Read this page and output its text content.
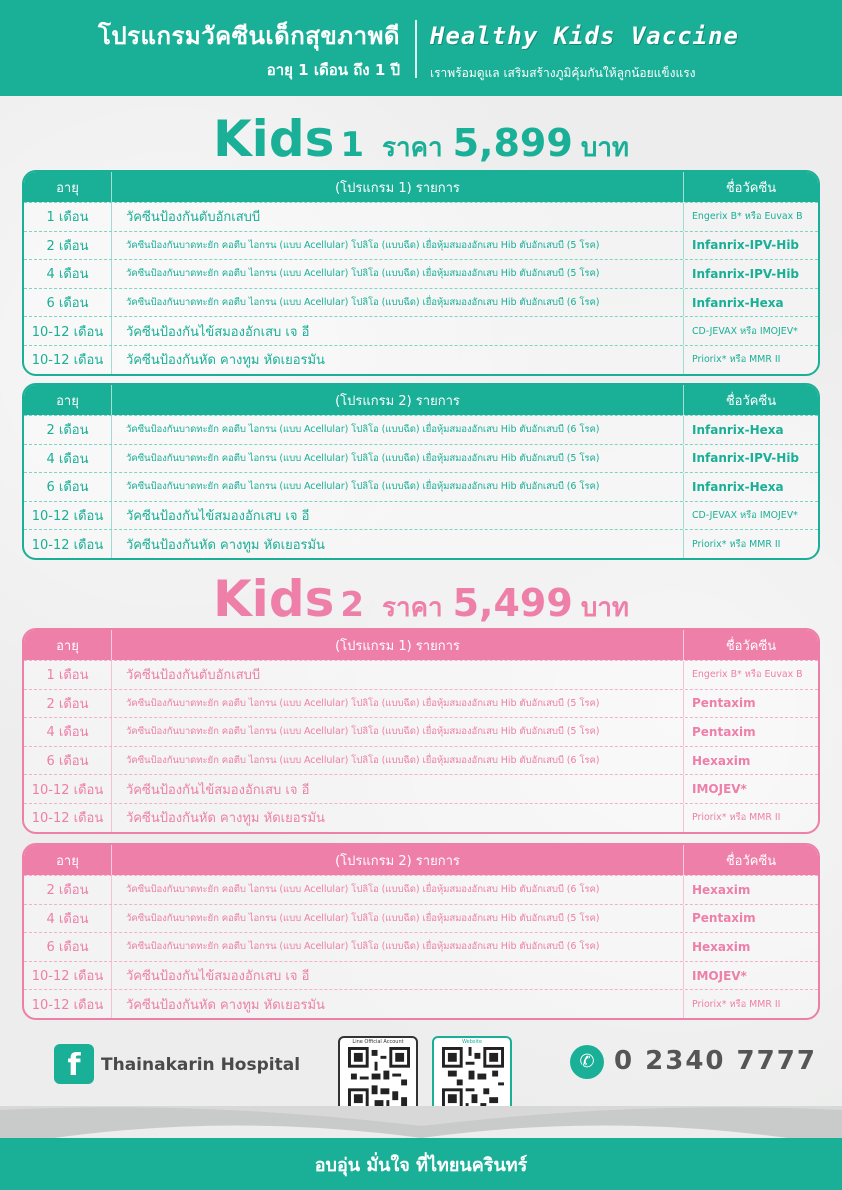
โปรแกรมวัคซีนเด็กสุขภาพดี
อายุ 1 เดือน ถึง 1 ปี
Healthy Kids Vaccine
เราพร้อมดูแล เสริมสร้างภูมิคุ้มกันให้ลูกน้อยแข็งแรง
Kids 1 ราคา 5,899 บาท
อายุ	(โปรแกรม 1) รายการ	ชื่อวัคซีน
1 เดือน	วัคซีนป้องกันตับอักเสบบี	Engerix B* หรือ Euvax B
2 เดือน	วัคซีนป้องกันบาดทะยัก คอตีบ ไอกรน (แบบ Acellular) โปลิโอ (แบบฉีด) เยื่อหุ้มสมองอักเสบ Hib ตับอักเสบบี (5 โรค)	Infanrix-IPV-Hib
4 เดือน	วัคซีนป้องกันบาดทะยัก คอตีบ ไอกรน (แบบ Acellular) โปลิโอ (แบบฉีด) เยื่อหุ้มสมองอักเสบ Hib ตับอักเสบบี (5 โรค)	Infanrix-IPV-Hib
6 เดือน	วัคซีนป้องกันบาดทะยัก คอตีบ ไอกรน (แบบ Acellular) โปลิโอ (แบบฉีด) เยื่อหุ้มสมองอักเสบ Hib ตับอักเสบบี (6 โรค)	Infanrix-Hexa
10-12 เดือน	วัคซีนป้องกันไข้สมองอักเสบ เจ อี	CD-JEVAX หรือ IMOJEV*
10-12 เดือน	วัคซีนป้องกันหัด คางทูม หัดเยอรมัน	Priorix* หรือ MMR II
อายุ	(โปรแกรม 2) รายการ	ชื่อวัคซีน
2 เดือน	วัคซีนป้องกันบาดทะยัก คอตีบ ไอกรน (แบบ Acellular) โปลิโอ (แบบฉีด) เยื่อหุ้มสมองอักเสบ Hib ตับอักเสบบี (6 โรค)	Infanrix-Hexa
4 เดือน	วัคซีนป้องกันบาดทะยัก คอตีบ ไอกรน (แบบ Acellular) โปลิโอ (แบบฉีด) เยื่อหุ้มสมองอักเสบ Hib ตับอักเสบบี (5 โรค)	Infanrix-IPV-Hib
6 เดือน	วัคซีนป้องกันบาดทะยัก คอตีบ ไอกรน (แบบ Acellular) โปลิโอ (แบบฉีด) เยื่อหุ้มสมองอักเสบ Hib ตับอักเสบบี (6 โรค)	Infanrix-Hexa
10-12 เดือน	วัคซีนป้องกันไข้สมองอักเสบ เจ อี	CD-JEVAX หรือ IMOJEV*
10-12 เดือน	วัคซีนป้องกันหัด คางทูม หัดเยอรมัน	Priorix* หรือ MMR II
Kids 2 ราคา 5,499 บาท
อายุ	(โปรแกรม 1) รายการ	ชื่อวัคซีน
1 เดือน	วัคซีนป้องกันตับอักเสบบี	Engerix B* หรือ Euvax B
2 เดือน	วัคซีนป้องกันบาดทะยัก คอตีบ ไอกรน (แบบ Acellular) โปลิโอ (แบบฉีด) เยื่อหุ้มสมองอักเสบ Hib ตับอักเสบบี (5 โรค)	Pentaxim
4 เดือน	วัคซีนป้องกันบาดทะยัก คอตีบ ไอกรน (แบบ Acellular) โปลิโอ (แบบฉีด) เยื่อหุ้มสมองอักเสบ Hib ตับอักเสบบี (5 โรค)	Pentaxim
6 เดือน	วัคซีนป้องกันบาดทะยัก คอตีบ ไอกรน (แบบ Acellular) โปลิโอ (แบบฉีด) เยื่อหุ้มสมองอักเสบ Hib ตับอักเสบบี (6 โรค)	Hexaxim
10-12 เดือน	วัคซีนป้องกันไข้สมองอักเสบ เจ อี	IMOJEV*
10-12 เดือน	วัคซีนป้องกันหัด คางทูม หัดเยอรมัน	Priorix* หรือ MMR II
อายุ	(โปรแกรม 2) รายการ	ชื่อวัคซีน
2 เดือน	วัคซีนป้องกันบาดทะยัก คอตีบ ไอกรน (แบบ Acellular) โปลิโอ (แบบฉีด) เยื่อหุ้มสมองอักเสบ Hib ตับอักเสบบี (6 โรค)	Hexaxim
4 เดือน	วัคซีนป้องกันบาดทะยัก คอตีบ ไอกรน (แบบ Acellular) โปลิโอ (แบบฉีด) เยื่อหุ้มสมองอักเสบ Hib ตับอักเสบบี (5 โรค)	Pentaxim
6 เดือน	วัคซีนป้องกันบาดทะยัก คอตีบ ไอกรน (แบบ Acellular) โปลิโอ (แบบฉีด) เยื่อหุ้มสมองอักเสบ Hib ตับอักเสบบี (6 โรค)	Hexaxim
10-12 เดือน	วัคซีนป้องกันไข้สมองอักเสบ เจ อี	IMOJEV*
10-12 เดือน	วัคซีนป้องกันหัด คางทูม หัดเยอรมัน	Priorix* หรือ MMR II
f	Thainakarin Hospital
Line Official Account	Website
✆ 0 2340 7777
อบอุ่น มั่นใจ ที่ไทยนครินทร์
